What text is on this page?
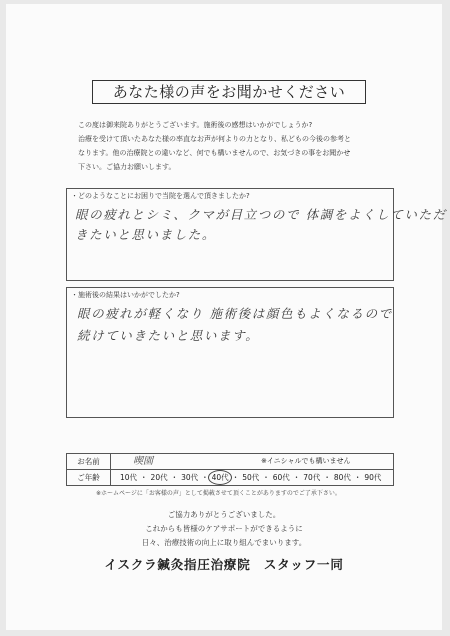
あなた様の声をお聞かせください
この度は御来院ありがとうございます。施術後の感想はいかがでしょうか?
治療を受けて頂いたあなた様の率直なお声が何よりの力となり、私どもの今後の参考と
なります。他の治療院との違いなど、何でも構いませんので、お気づきの事をお聞かせ
下さい。ご協力お願いします。
・どのようなことにお困りで当院を選んで頂きましたか?
眼の疲れとシミ、クマが目立つので 体調をよくしていただ
きたいと思いました。
・施術後の結果はいかがでしたか?
眼の疲れが軽くなり 施術後は顔色もよくなるので
続けていきたいと思います。
お名前	喫園	※イニシャルでも構いません
ご年齢	10代 ・ 20代 ・ 30代 ・ 40代 ・ 50代 ・ 60代 ・ 70代 ・ 80代 ・ 90代
※ホームページに「お客様の声」として掲載させて頂くことがありますのでご了承下さい。
ご協力ありがとうございました。
これからも皆様のケアサポートができるように
日々、治療技術の向上に取り組んでまいります。
イスクラ鍼灸指圧治療院　スタッフ一同
